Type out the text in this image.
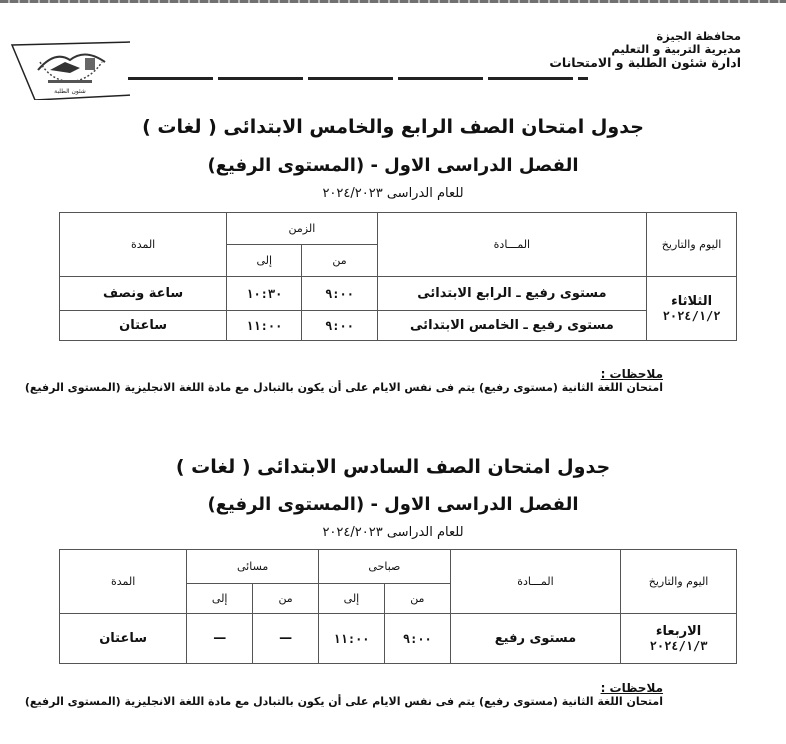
شئون الطلبة
محافظة الجيزة
مديرية التربية و التعليم
ادارة شئون الطلبة و الامتحانات
جدول امتحان الصف الرابع والخامس الابتدائى ( لغات )
الفصل الدراسى الاول - (المستوى الرفيع)
للعام الدراسى ٢٠٢٤/٢٠٢٣
اليوم والتاريخ	المـــادة	الزمن		المدة
		من	إلى	

الثلاثاء
٢٠٢٤/١/٢	مستوى رفيع ـ الرابع الابتدائى	٩:٠٠	١٠:٣٠	ساعة ونصف
	مستوى رفيع ـ الخامس الابتدائى	٩:٠٠	١١:٠٠	ساعتان
ملاحظات :
امتحان اللغة الثانية (مستوى رفيع) يتم فى نفس الايام على أن يكون بالتبادل مع مادة اللغة الانجليزية (المستوى الرفيع)
جدول امتحان الصف السادس الابتدائى ( لغات )
الفصل الدراسى الاول - (المستوى الرفيع)
للعام الدراسى ٢٠٢٤/٢٠٢٣
اليوم والتاريخ	المـــادة	صباحى		مسائى		المدة
		من	إلى	من	إلى	

الاربعاء
٢٠٢٤/١/٣	مستوى رفيع	٩:٠٠	١١:٠٠	—	—	ساعتان
ملاحظات :
امتحان اللغة الثانية (مستوى رفيع) يتم فى نفس الايام على أن يكون بالتبادل مع مادة اللغة الانجليزية (المستوى الرفيع)
